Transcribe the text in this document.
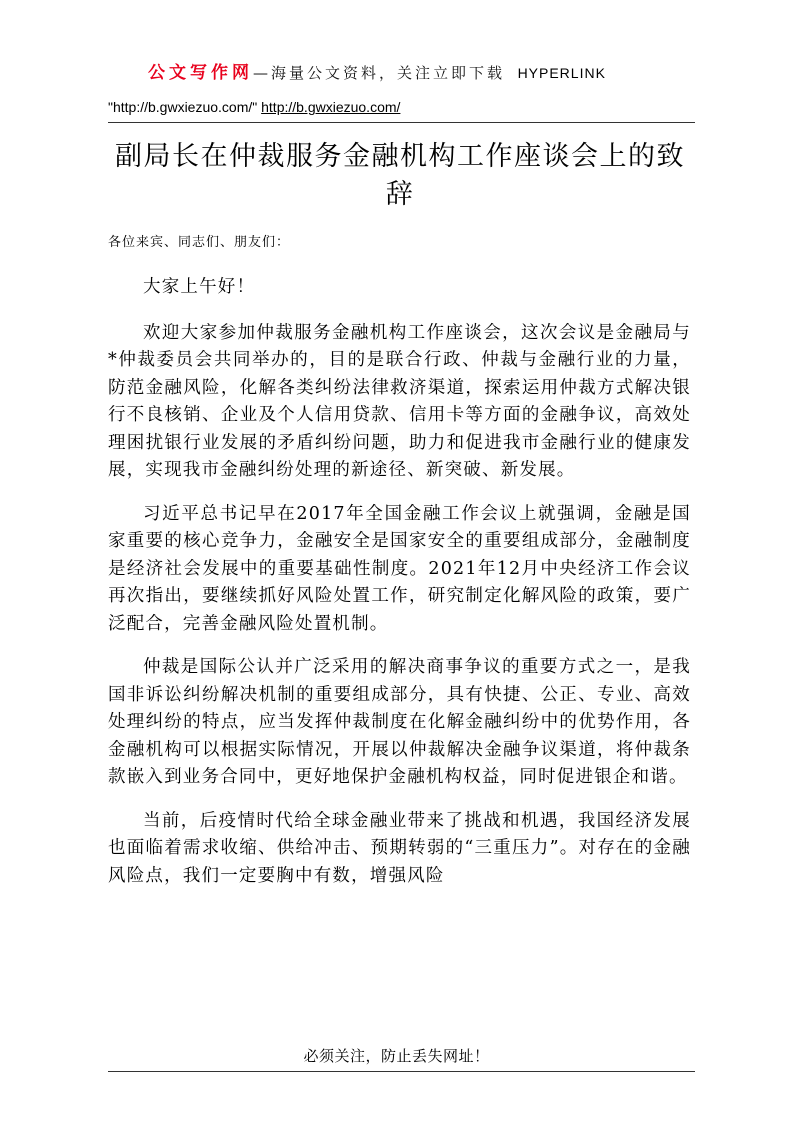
公文写作网—海量公文资料，关注立即下载 HYPERLINK
"http://b.gwxiezuo.com/" http://b.gwxiezuo.com/
副局长在仲裁服务金融机构工作座谈会上的致辞
各位来宾、同志们、朋友们：

大家上午好！

欢迎大家参加仲裁服务金融机构工作座谈会，这次会议是金融局与*仲裁委员会共同举办的，目的是联合行政、仲裁与金融行业的力量，防范金融风险，化解各类纠纷法律救济渠道，探索运用仲裁方式解决银行不良核销、企业及个人信用贷款、信用卡等方面的金融争议，高效处理困扰银行业发展的矛盾纠纷问题，助力和促进我市金融行业的健康发展，实现我市金融纠纷处理的新途径、新突破、新发展。

习近平总书记早在2017年全国金融工作会议上就强调，金融是国家重要的核心竞争力，金融安全是国家安全的重要组成部分，金融制度是经济社会发展中的重要基础性制度。2021年12月中央经济工作会议再次指出，要继续抓好风险处置工作，研究制定化解风险的政策，要广泛配合，完善金融风险处置机制。

仲裁是国际公认并广泛采用的解决商事争议的重要方式之一，是我国非诉讼纠纷解决机制的重要组成部分，具有快捷、公正、专业、高效处理纠纷的特点，应当发挥仲裁制度在化解金融纠纷中的优势作用，各金融机构可以根据实际情况，开展以仲裁解决金融争议渠道，将仲裁条款嵌入到业务合同中，更好地保护金融机构权益，同时促进银企和谐。

当前，后疫情时代给全球金融业带来了挑战和机遇，我国经济发展也面临着需求收缩、供给冲击、预期转弱的“三重压力”。对存在的金融风险点，我们一定要胸中有数，增强风险

必须关注，防止丢失网址！
